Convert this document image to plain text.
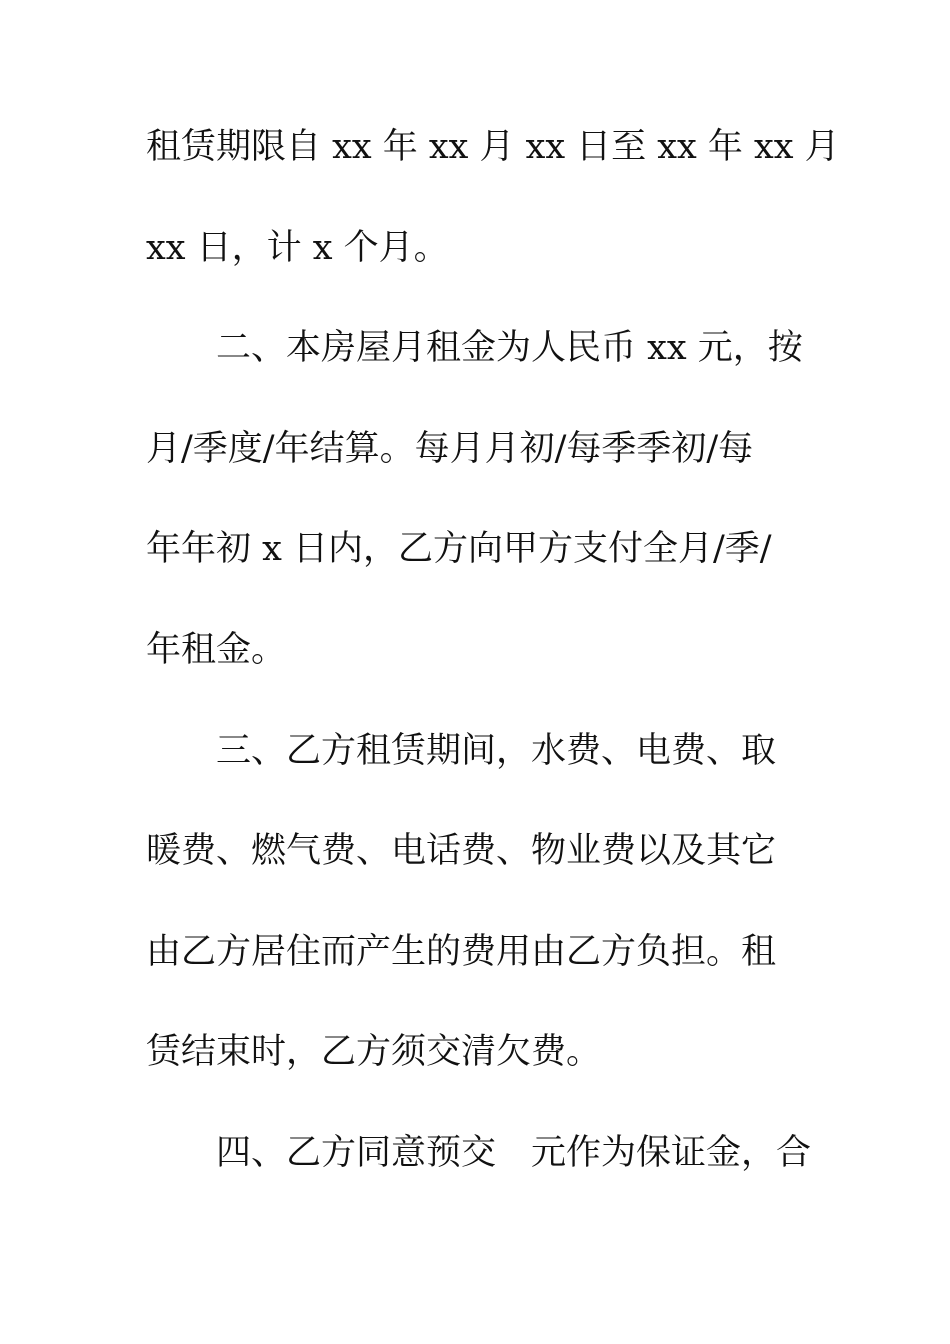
租赁期限自 xx 年 xx 月 xx 日至 xx 年 xx 月
xx 日，计 x 个月。
二、本房屋月租金为人民币 xx 元，按
月/季度/年结算。每月月初/每季季初/每
年年初 x 日内，乙方向甲方支付全月/季/
年租金。
三、乙方租赁期间，水费、电费、取
暖费、燃气费、电话费、物业费以及其它
由乙方居住而产生的费用由乙方负担。租
赁结束时，乙方须交清欠费。
四、乙方同意预交　元作为保证金，合
